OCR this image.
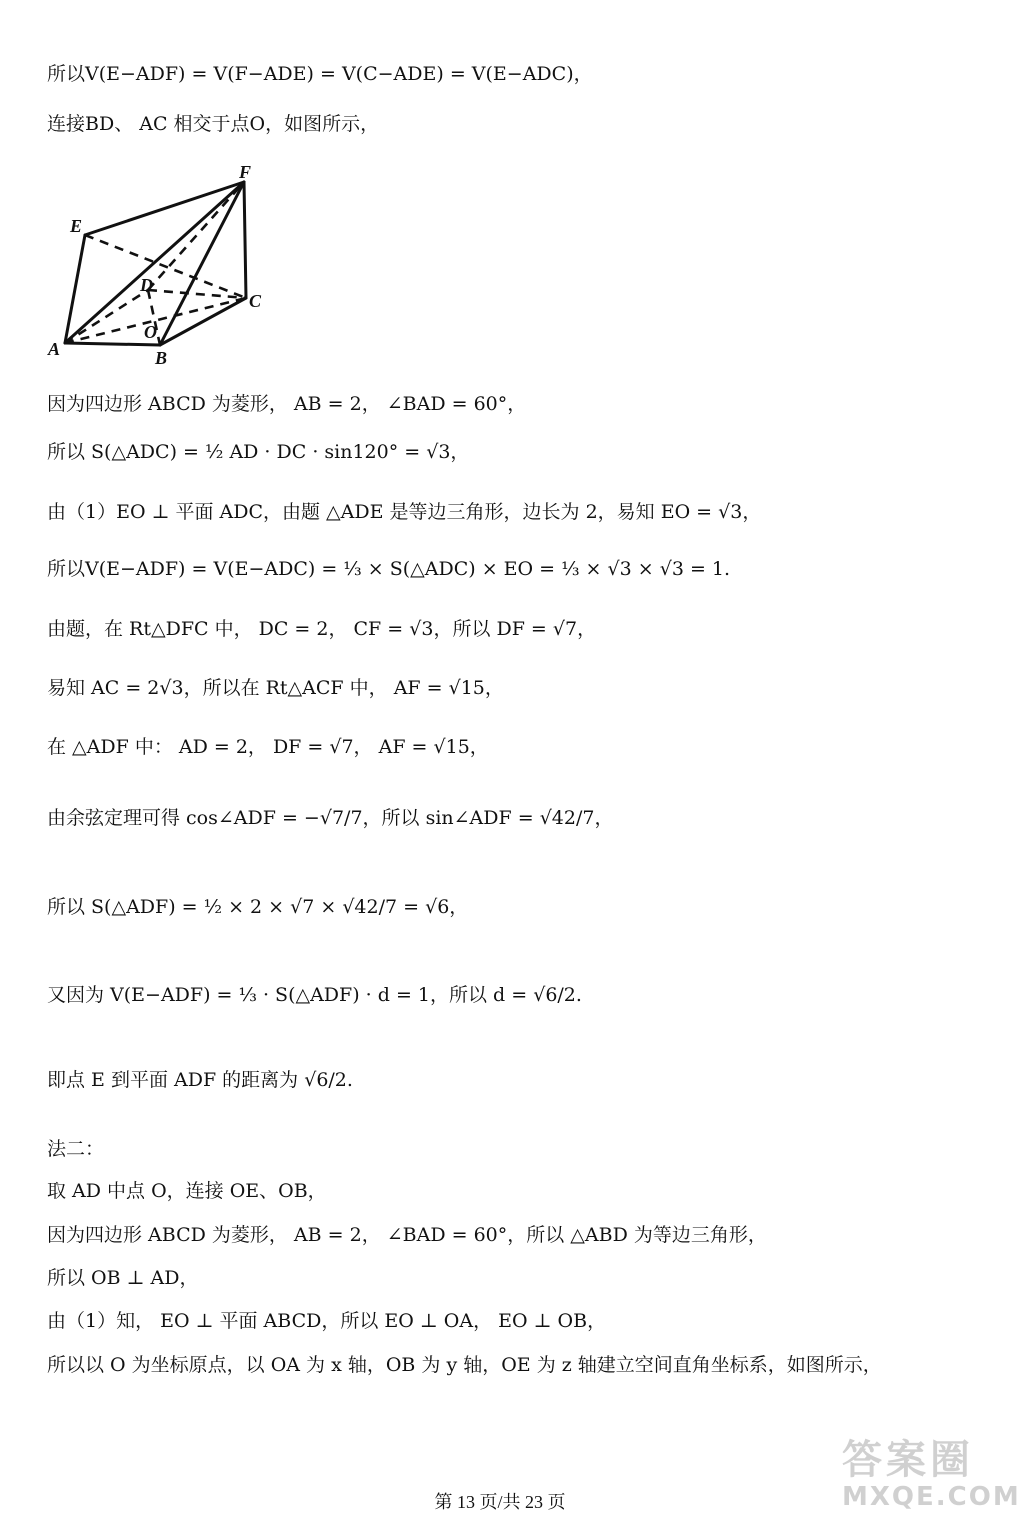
所以V(E−ADF) = V(F−ADE) = V(C−ADE) = V(E−ADC)，
连接BD、 AC 相交于点O，如图所示，
E
F
C
D
O
A	B
因为四边形 ABCD 为菱形， AB = 2， ∠BAD = 60°，
所以 S(△ADC) = ½ AD · DC · sin120° = √3，
由（1）EO ⊥ 平面 ADC，由题 △ADE 是等边三角形，边长为 2，易知 EO = √3，
所以V(E−ADF) = V(E−ADC) = ⅓ × S(△ADC) × EO = ⅓ × √3 × √3 = 1.
由题，在 Rt△DFC 中， DC = 2， CF = √3，所以 DF = √7，
易知 AC = 2√3，所以在 Rt△ACF 中， AF = √15，
在 △ADF 中： AD = 2， DF = √7， AF = √15，
由余弦定理可得 cos∠ADF = −√7/7，所以 sin∠ADF = √42/7，
所以 S(△ADF) = ½ × 2 × √7 × √42/7 = √6，
又因为 V(E−ADF) = ⅓ · S(△ADF) · d = 1，所以 d = √6/2.
即点 E 到平面 ADF 的距离为 √6/2.
法二：
取 AD 中点 O，连接 OE、OB，
因为四边形 ABCD 为菱形， AB = 2， ∠BAD = 60°，所以 △ABD 为等边三角形，
所以 OB ⊥ AD，
由（1）知， EO ⊥ 平面 ABCD，所以 EO ⊥ OA， EO ⊥ OB，
所以以 O 为坐标原点，以 OA 为 x 轴，OB 为 y 轴，OE 为 z 轴建立空间直角坐标系，如图所示，
第 13 页/共 23 页
答案圈
MXQE.COM
